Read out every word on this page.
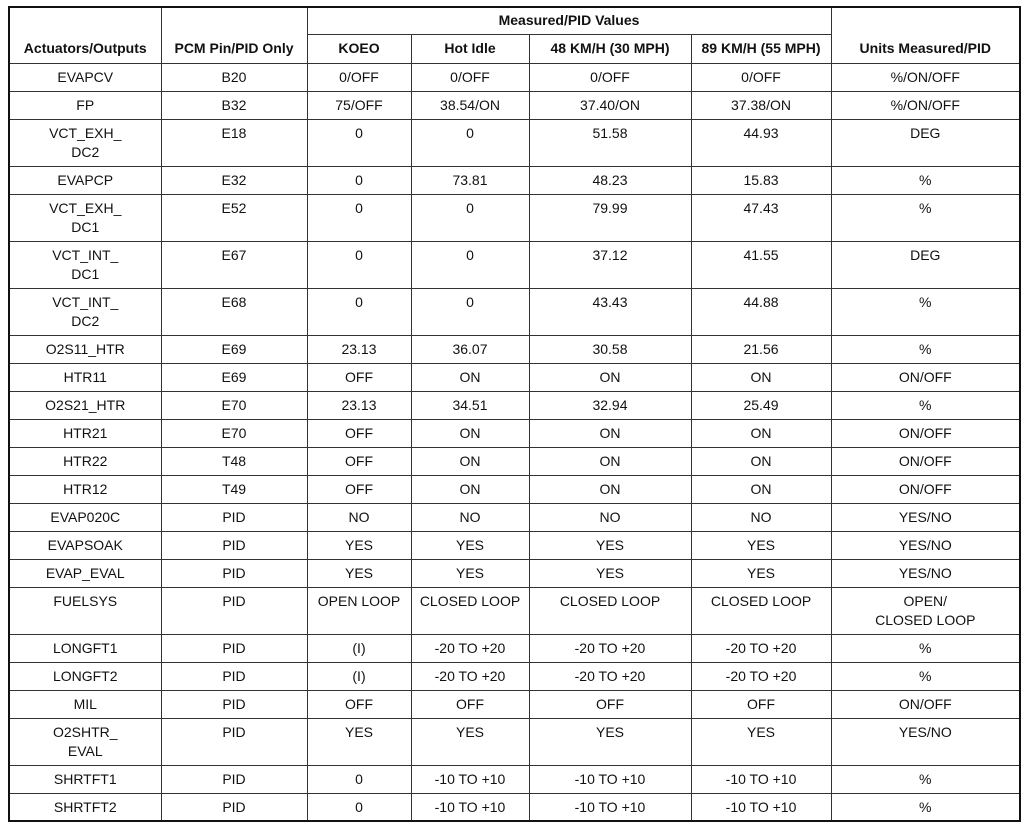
Actuators/Outputs	PCM Pin/PID Only	Measured/PID Values				Units Measured/PID
		KOEO	Hot Idle	48 KM/H (30 MPH)	89 KM/H (55 MPH)	
EVAPCV	B20	0/OFF	0/OFF	0/OFF	0/OFF	%/ON/OFF
FP	B32	75/OFF	38.54/ON	37.40/ON	37.38/ON	%/ON/OFF
VCT_EXH_
DC2	E18	0	0	51.58	44.93	DEG
EVAPCP	E32	0	73.81	48.23	15.83	%
VCT_EXH_
DC1	E52	0	0	79.99	47.43	%
VCT_INT_
DC1	E67	0	0	37.12	41.55	DEG
VCT_INT_
DC2	E68	0	0	43.43	44.88	%
O2S11_HTR	E69	23.13	36.07	30.58	21.56	%
HTR11	E69	OFF	ON	ON	ON	ON/OFF
O2S21_HTR	E70	23.13	34.51	32.94	25.49	%
HTR21	E70	OFF	ON	ON	ON	ON/OFF
HTR22	T48	OFF	ON	ON	ON	ON/OFF
HTR12	T49	OFF	ON	ON	ON	ON/OFF
EVAP020C	PID	NO	NO	NO	NO	YES/NO
EVAPSOAK	PID	YES	YES	YES	YES	YES/NO
EVAP_EVAL	PID	YES	YES	YES	YES	YES/NO
FUELSYS	PID	OPEN LOOP	CLOSED LOOP	CLOSED LOOP	CLOSED LOOP	OPEN/
CLOSED LOOP
LONGFT1	PID	(I)	-20 TO +20	-20 TO +20	-20 TO +20	%
LONGFT2	PID	(I)	-20 TO +20	-20 TO +20	-20 TO +20	%
MIL	PID	OFF	OFF	OFF	OFF	ON/OFF
O2SHTR_
EVAL	PID	YES	YES	YES	YES	YES/NO
SHRTFT1	PID	0	-10 TO +10	-10 TO +10	-10 TO +10	%
SHRTFT2	PID	0	-10 TO +10	-10 TO +10	-10 TO +10	%
